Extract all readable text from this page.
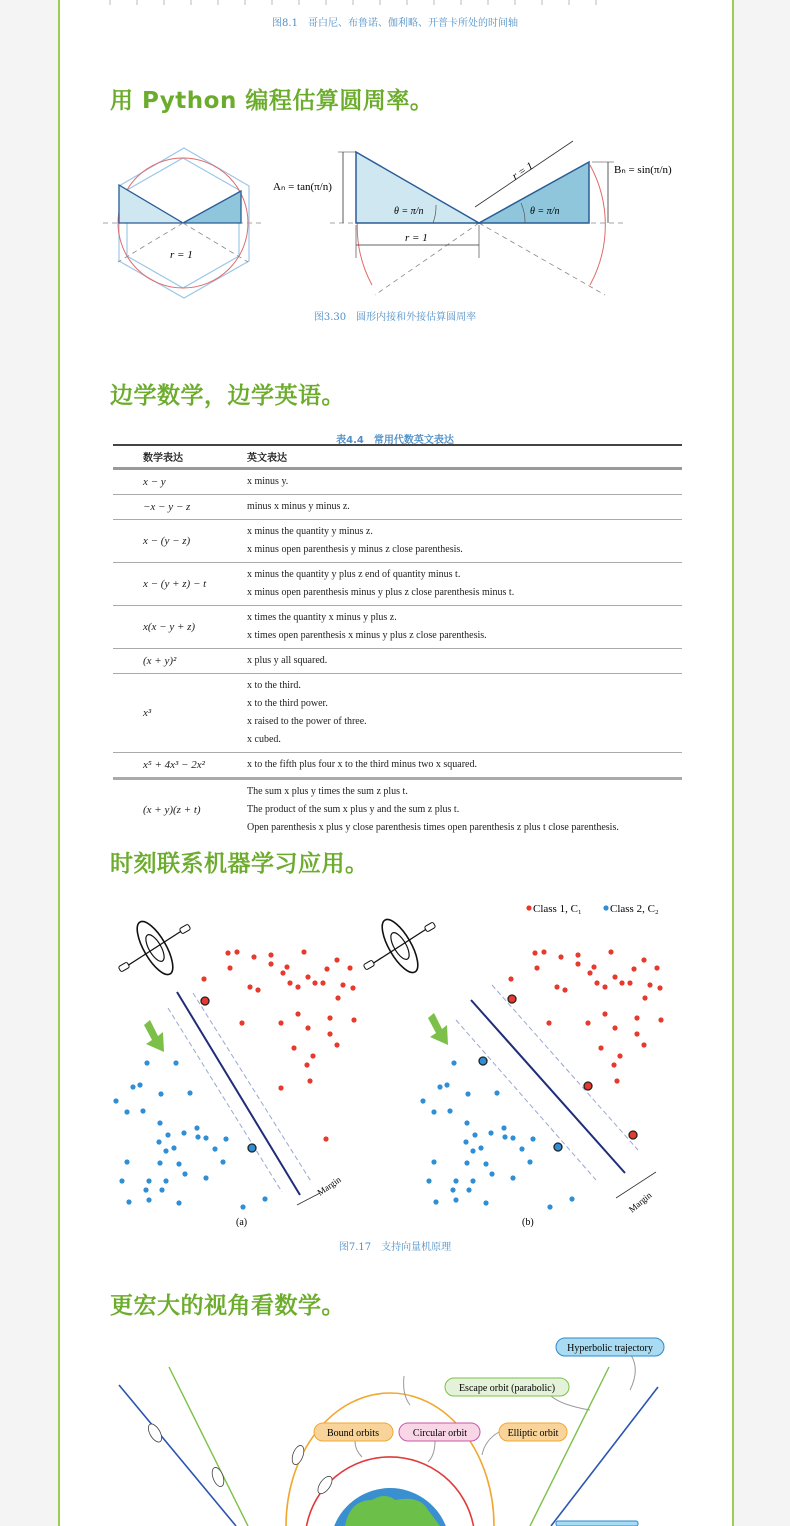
图8.1　哥白尼、布鲁诺、伽利略、开普卡所处的时间轴
用 Python 编程估算圆周率。
r = 1
Aₙ = tan(π/n)
Bₙ = sin(π/n)
θ = π/n	θ = π/n
r = 1
r = 1
图3.30　圆形内接和外接估算圆周率
边学数学，边学英语。
表4.4　常用代数英文表达
数学表达	英文表达
x − y	x minus y.

−x − y − z	minus x minus y minus z.

x − (y − z)	x minus the quantity y minus z.
x minus open parenthesis y minus z close parenthesis.

x − (y + z) − t	x minus the quantity y plus z end of quantity minus t.
x minus open parenthesis minus y plus z close parenthesis minus t.

x(x − y + z)	x times the quantity x minus y plus z.
x times open parenthesis x minus y plus z close parenthesis.

(x + y)²	x plus y all squared.

x³	x to the third.
x to the third power.
x raised to the power of three.
x cubed.

x⁵ + 4x³ − 2x²	x to the fifth plus four x to the third minus two x squared.

(x + y)(z + t)	The sum x plus y times the sum z plus t.
The product of the sum x plus y and the sum z plus t.
Open parenthesis x plus y close parenthesis times open parenthesis z plus t close parenthesis.
时刻联系机器学习应用。
Class 1, C₁	Class 2, C₂
(a)	(b)
Margin
Margin
图7.17　支持向量机原理
更宏大的视角看数学。
Hyperbolic trajectory
Escape orbit (parabolic)
Bound orbits	Circular orbit	Elliptic orbit
